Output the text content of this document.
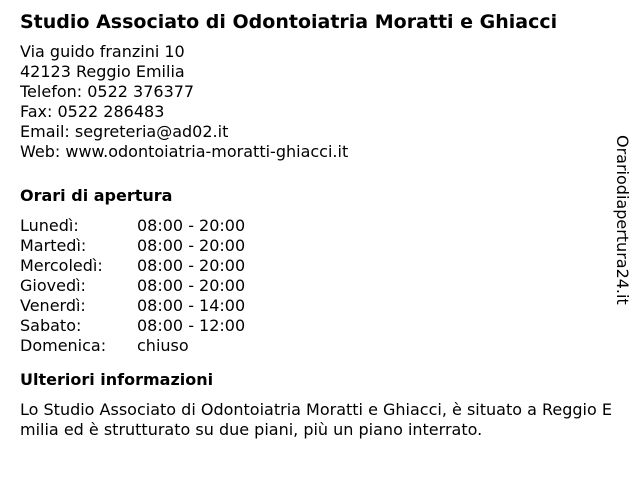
Studio Associato di Odontoiatria Moratti e Ghiacci
Via guido franzini 10
42123 Reggio Emilia
Telefon: 0522 376377
Fax: 0522 286483
Email: segreteria@ad02.it
Web: www.odontoiatria-moratti-ghiacci.it
Orari di apertura
Lunedì:	08:00 - 20:00
Martedì:	08:00 - 20:00
Mercoledì:	08:00 - 20:00
Giovedì:	08:00 - 20:00
Venerdì:	08:00 - 14:00
Sabato:	08:00 - 12:00
Domenica:	chiuso
Ulteriori informazioni
Lo Studio Associato di Odontoiatria Moratti e Ghiacci, è situato a Reggio Emilia ed è strutturato su due piani, più un piano interrato.
Orariodiapertura24.it
